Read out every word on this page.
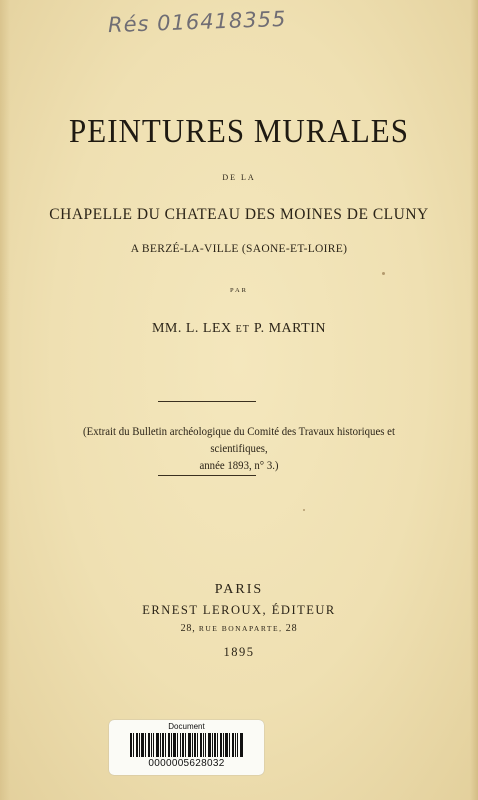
Rés 016418355
PEINTURES MURALES
DE LA
CHAPELLE DU CHATEAU DES MOINES DE CLUNY
A BERZÉ-LA-VILLE (SAONE-ET-LOIRE)
PAR
MM. L. LEX ET P. MARTIN
(Extrait du Bulletin archéologique du Comité des Travaux historiques et scientifiques,
année 1893, n° 3.)
PARIS
ERNEST LEROUX, ÉDITEUR
28, RUE BONAPARTE, 28
1895
Document
0000005628032
